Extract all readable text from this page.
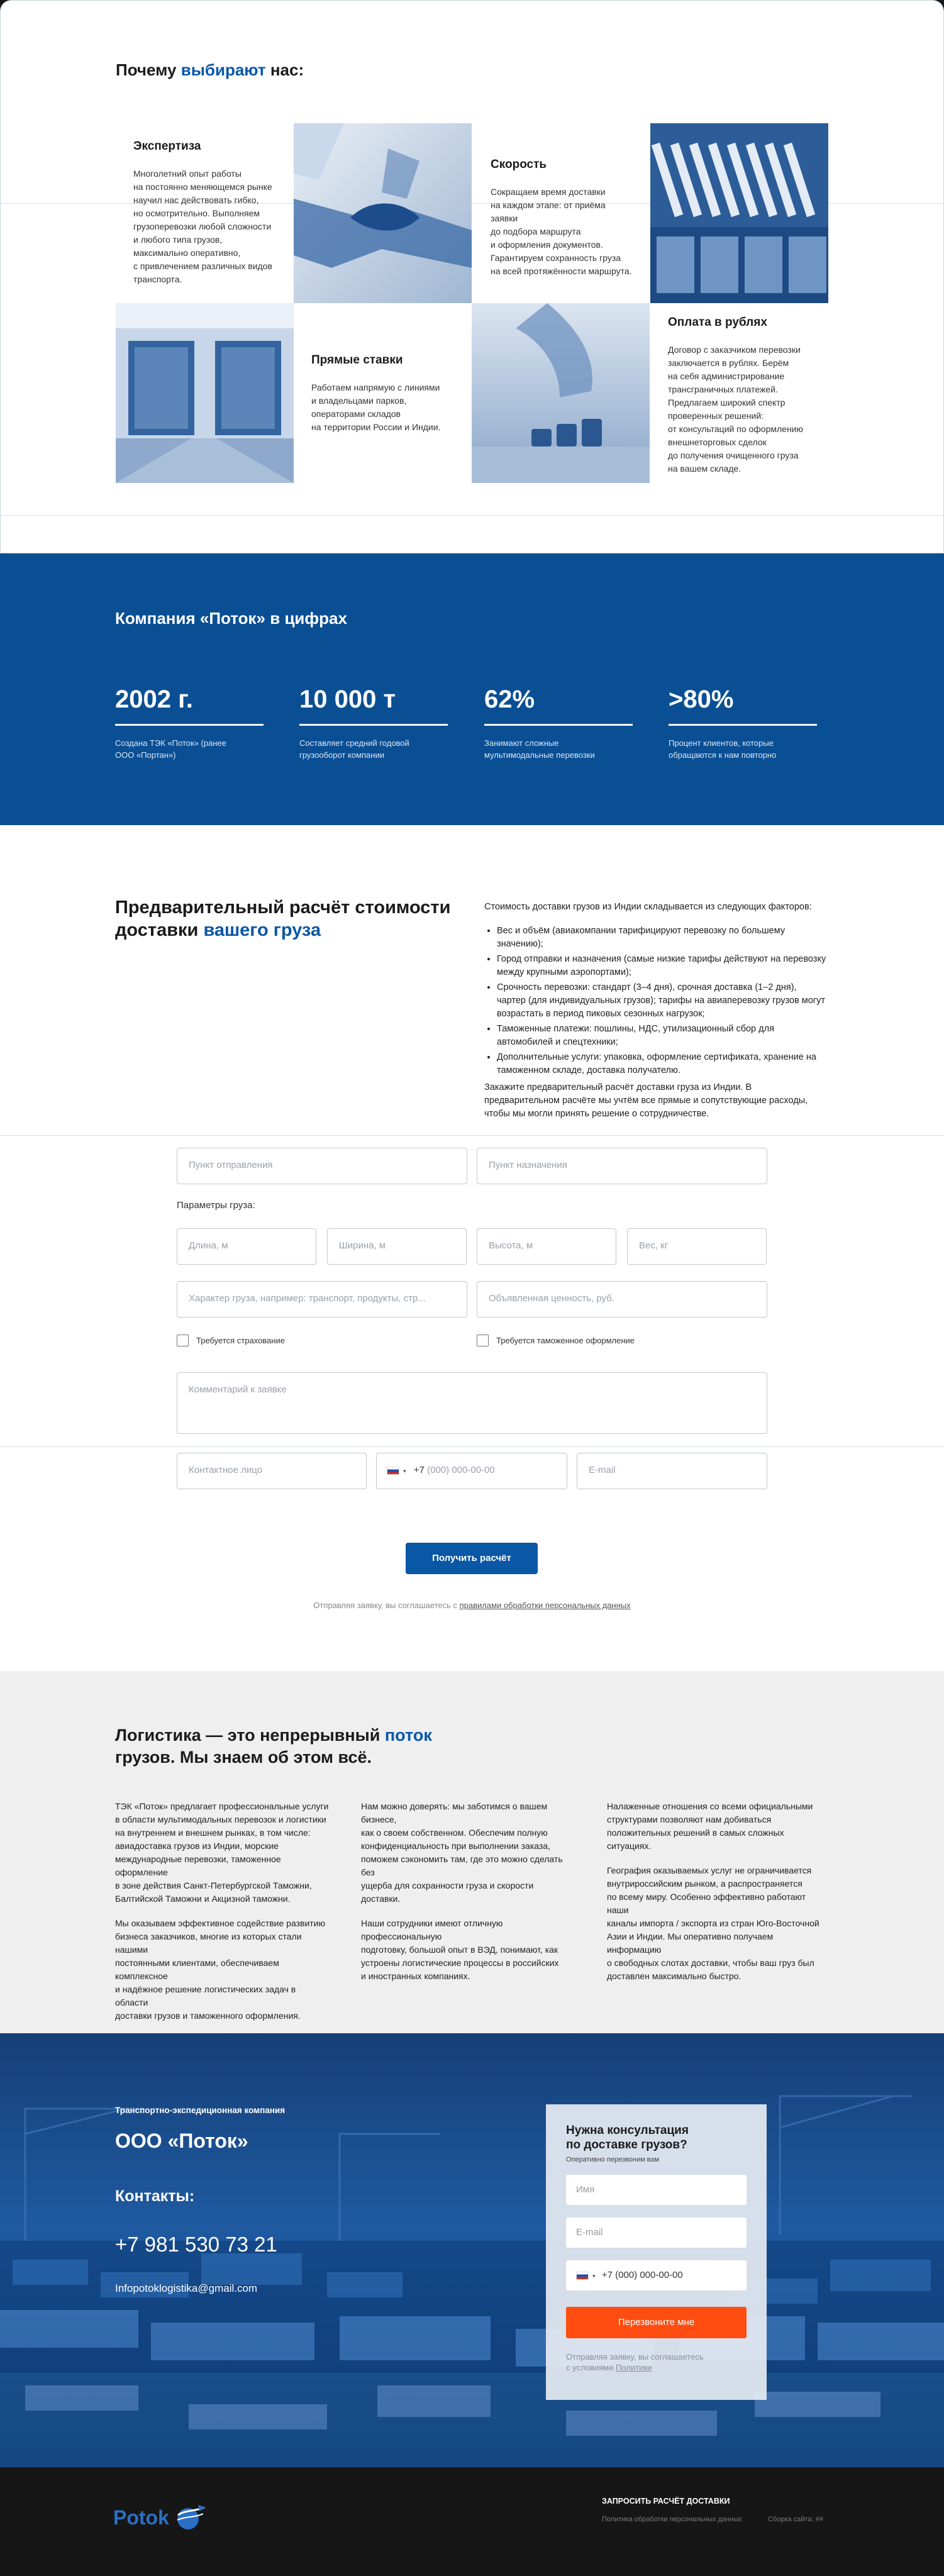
Почему выбирают нас:
Экспертиза

Многолетний опыт работы
на постоянно меняющемся рынке
научил нас действовать гибко,
но осмотрительно. Выполняем
грузоперевозки любой сложности
и любого типа грузов,
максимально оперативно,
с привлечением различных видов
транспорта.

Скорость

Сокращаем время доставки
на каждом этапе: от приёма заявки
до подбора маршрута
и оформления документов.
Гарантируем сохранность груза
на всей протяжённости маршрута.

Прямые ставки

Работаем напрямую с линиями
и владельцами парков,
операторами складов
на территории России и Индии.

Оплата в рублях

Договор с заказчиком перевозки
заключается в рублях. Берём
на себя администрирование
трансграничных платежей.
Предлагаем широкий спектр
проверенных решений:
от консультаций по оформлению
внешнеторговых сделок
до получения очищенного груза
на вашем складе.

Компания «Поток» в цифрах
2002 г.
Создана ТЭК «Поток» (ранее
ООО «Портан»)
10 000 т
Составляет средний годовой
грузооборот компании
62%
Занимают сложные
мультимодальные перевозки
>80%
Процент клиентов, которые
обращаются к нам повторно
Предварительный расчёт стоимости
доставки вашего груза

Стоимость доставки грузов из Индии складывается из следующих факторов:

• Вес и объём (авиакомпании тарифицируют перевозку по большему значению);
• Город отправки и назначения (самые низкие тарифы действуют на перевозку между крупными аэропортами);
• Срочность перевозки: стандарт (3–4 дня), срочная доставка (1–2 дня), чартер (для индивидуальных грузов); тарифы на авиаперевозку грузов могут возрастать в период пиковых сезонных нагрузок;
• Таможенные платежи: пошлины, НДС, утилизационный сбор для автомобилей и спецтехники;
• Дополнительные услуги: упаковка, оформление сертификата, хранение на таможенном складе, доставка получателю.

Закажите предварительный расчёт доставки груза из Индии. В предварительном расчёте мы учтём все прямые и сопутствующие расходы, чтобы мы могли принять решение о сотрудничестве.

Пункт отправления	Пункт назначения
Параметры груза:
Длина, м	Ширина, м	Высота, м	Вес, кг
Характер груза, например: транспорт, продукты, стр...	Объявленная ценность, руб.
Требуется страхование	Требуется таможенное оформление
Комментарий к заявке
Контактное лицо	▾ +7 (000) 000-00-00	E-mail
Получить расчёт
Отправляя заявку, вы соглашаетесь с правилами обработки персональных данных
Логистика — это непрерывный поток
грузов. Мы знаем об этом всё.

ТЭК «Поток» предлагает профессиональные услуги
в области мультимодальных перевозок и логистики
на внутреннем и внешнем рынках, в том числе:
авиадоставка грузов из Индии, морские
международные перевозки, таможенное оформление
в зоне действия Санкт-Петербургской Таможни,
Балтийской Таможни и Акцизной таможни.

Мы оказываем эффективное содействие развитию
бизнеса заказчиков, многие из которых стали нашими
постоянными клиентами, обеспечиваем комплексное
и надёжное решение логистических задач в области
доставки грузов и таможенного оформления.

Нам можно доверять: мы заботимся о вашем бизнесе,
как о своем собственном. Обеспечим полную
конфиденциальность при выполнении заказа,
поможем сэкономить там, где это можно сделать без
ущерба для сохранности груза и скорости доставки.

Наши сотрудники имеют отличную профессиональную
подготовку, большой опыт в ВЭД, понимают, как
устроены логистические процессы в российских
и иностранных компаниях.

Налаженные отношения со всеми официальными
структурами позволяют нам добиваться
положительных решений в самых сложных ситуациях.

География оказываемых услуг не ограничивается
внутрироссийским рынком, а распространяется
по всему миру. Особенно эффективно работают наши
каналы импорта / экспорта из стран Юго-Восточной
Азии и Индии. Мы оперативно получаем информацию
о свободных слотах доставки, чтобы ваш груз был
доставлен максимально быстро.

Транспортно-экспедиционная компания
ООО «Поток»
Контакты:
+7 981 530 73 21
Infopotoklogistika@gmail.com
Нужна консультация
по доставке грузов?
Оперативно перезвоним вам
Имя
E-mail
▾ +7 (000) 000-00-00
Перезвоните мне
Отправляя заявку, вы соглашаетесь
с условиями Политики
Potok
ЗАПРОСИТЬ РАСЧЁТ ДОСТАВКИ
Политика обработки персональных данных	Сборка сайта: ##
